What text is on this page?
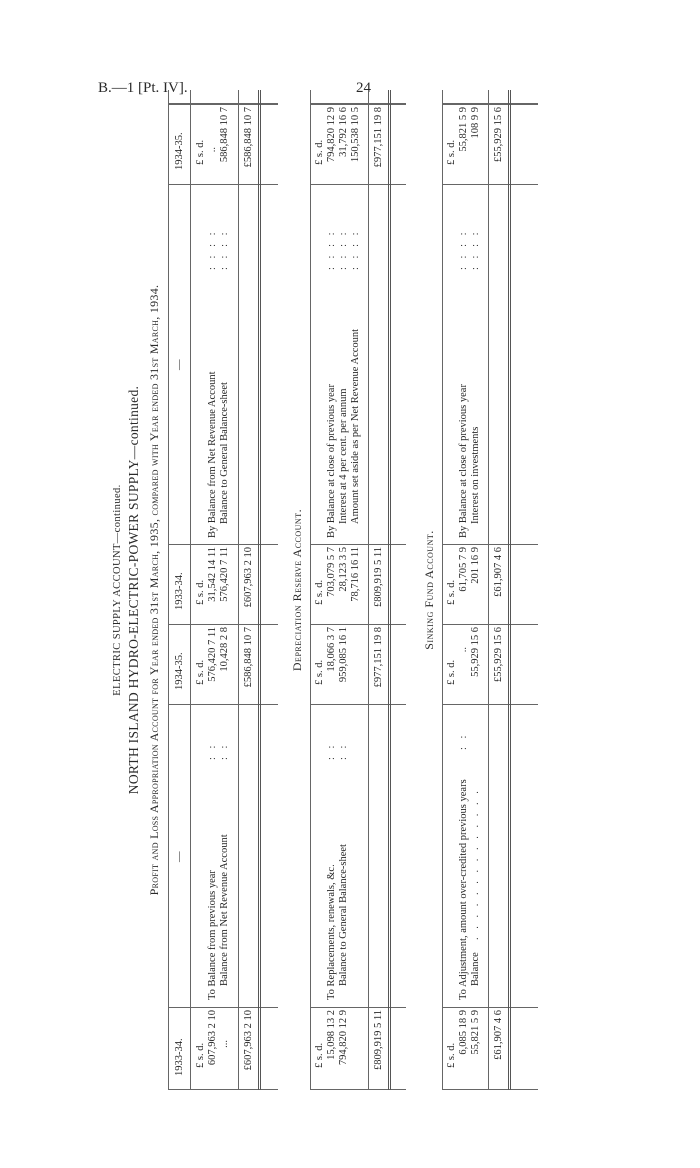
B.—1 [Pt. IV].	24
ELECTRIC SUPPLY ACCOUNT—continued. NORTH ISLAND HYDRO-ELECTRIC-POWER SUPPLY—continued. Profit and Loss Appropriation Account for Year ended 31st March, 1935, compared with Year ended 31st March, 1934.
1933-34.
—
1934-35.
1933-34.
—
1934-35.
£ s. d.
£ s. d.
£ s. d.
£ s. d.
607,963 2 10 ...
To Balance from previous year Balance from Net Revenue Account
: : : :
576,420 7 11 10,428 2 8
31,542 14 11 576,420 7 11
By Balance from Net Revenue Account Balance to General Balance-sheet
: : : : : : : :
.. 586,848 10 7
£607,963 2 10
£586,848 10 7
£607,963 2 10
£586,848 10 7
Depreciation Reserve Account.
£ s. d.
£ s. d.
£ s. d.
£ s. d.
15,098 13 2 794,820 12 9
To Replacements, renewals, &c. Balance to General Balance-sheet
: : : :
18,066 3 7 959,085 16 1
703,079 5 7 28,123 3 5 78,716 16 11
By Balance at close of previous year Interest at 4 per cent. per annum Amount set aside as per Net Revenue Account
: : : : : : : : : : : :
794,820 12 9 31,792 16 6 150,538 10 5
£809,919 5 11
£977,151 19 8
£809,919 5 11
£977,151 19 8
Sinking Fund Account.
£ s. d.
£ s. d.
£ s. d.
£ s. d.
6,085 18 9 55,821 5 9
To Adjustment, amount over-credited previous years Balance
: :
. . . . . . . . . . . . . .
.. 55,929 15 6
61,705 7 9 201 16 9
By Balance at close of previous year Interest on investments
: : : : : : : :
55,821 5 9 108 9 9
£61,907 4 6
£55,929 15 6
£61,907 4 6
£55,929 15 6
